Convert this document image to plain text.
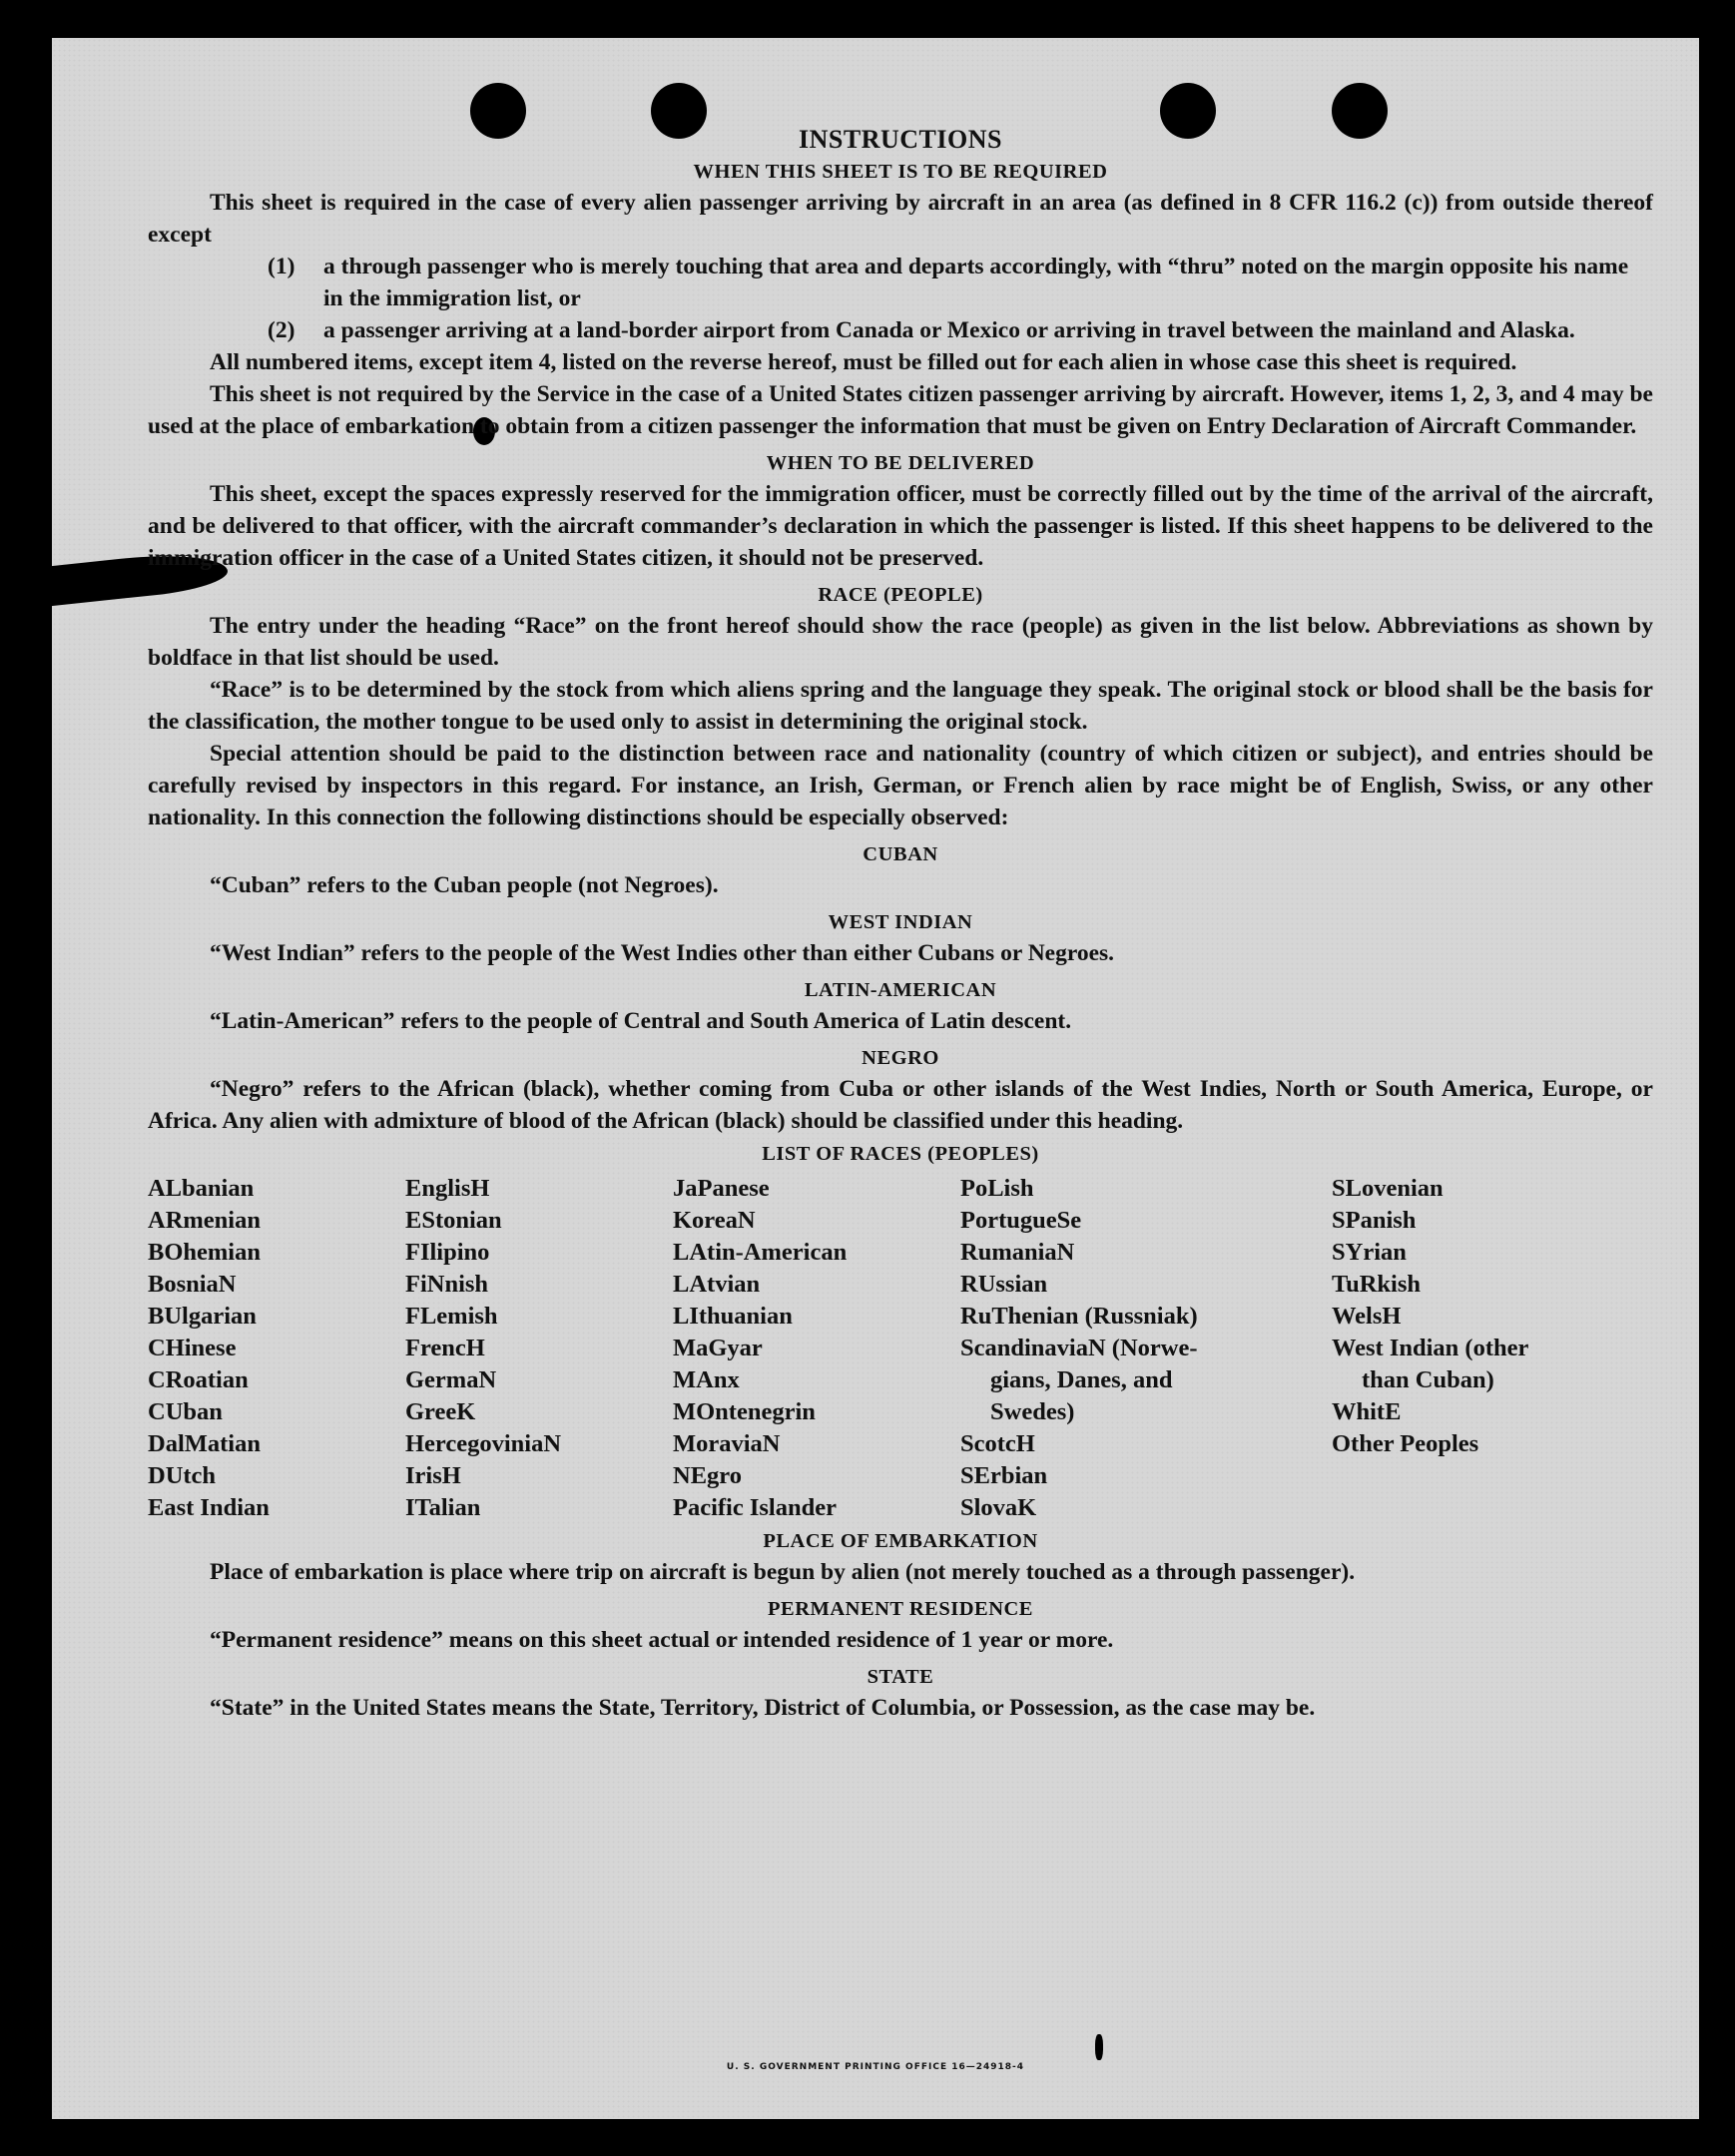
INSTRUCTIONS
WHEN THIS SHEET IS TO BE REQUIRED

This sheet is required in the case of every alien passenger arriving by aircraft in an area (as defined in 8 CFR 116.2 (c)) from outside thereof except

(1)	a through passenger who is merely touching that area and departs accordingly, with “thru” noted on the margin opposite his name in the immigration list, or
(2)	a passenger arriving at a land-border airport from Canada or Mexico or arriving in travel between the mainland and Alaska.

All numbered items, except item 4, listed on the reverse hereof, must be filled out for each alien in whose case this sheet is required.

This sheet is not required by the Service in the case of a United States citizen passenger arriving by aircraft. However, items 1, 2, 3, and 4 may be used at the place of embarkation to obtain from a citizen passenger the information that must be given on Entry Declaration of Aircraft Commander.

WHEN TO BE DELIVERED

This sheet, except the spaces expressly reserved for the immigration officer, must be correctly filled out by the time of the arrival of the aircraft, and be delivered to that officer, with the aircraft commander’s declaration in which the passenger is listed. If this sheet happens to be delivered to the immigration officer in the case of a United States citizen, it should not be preserved.

RACE (PEOPLE)

The entry under the heading “Race” on the front hereof should show the race (people) as given in the list below. Abbreviations as shown by boldface in that list should be used.

“Race” is to be determined by the stock from which aliens spring and the language they speak. The original stock or blood shall be the basis for the classification, the mother tongue to be used only to assist in determining the original stock.

Special attention should be paid to the distinction between race and nationality (country of which citizen or subject), and entries should be carefully revised by inspectors in this regard. For instance, an Irish, German, or French alien by race might be of English, Swiss, or any other nationality. In this connection the following distinctions should be especially observed:

CUBAN

“Cuban” refers to the Cuban people (not Negroes).

WEST INDIAN

“West Indian” refers to the people of the West Indies other than either Cubans or Negroes.

LATIN-AMERICAN

“Latin-American” refers to the people of Central and South America of Latin descent.

NEGRO

“Negro” refers to the African (black), whether coming from Cuba or other islands of the West Indies, North or South America, Europe, or Africa. Any alien with admixture of blood of the African (black) should be classified under this heading.

LIST OF RACES (PEOPLES)
ALbanian
ARmenian
BOhemian
BosniaN
BUlgarian
CHinese
CRoatian
CUban
DalMatian
DUtch
East Indian
EnglisH
EStonian
FIlipino
FiNnish
FLemish
FrencH
GermaN
GreeK
HercegoviniaN
IrisH
ITalian
JaPanese
KoreaN
LAtin-American
LAtvian
LIthuanian
MaGyar
MAnx
MOntenegrin
MoraviaN
NEgro
Pacific Islander
PoLish
PortugueSe
RumaniaN
RUssian
RuThenian (Russniak)
ScandinaviaN (Norwe-
gians, Danes, and
Swedes)
ScotcH
SErbian
SlovaK
SLovenian
SPanish
SYrian
TuRkish
WelsH
West Indian (other
than Cuban)
WhitE
Other Peoples
PLACE OF EMBARKATION

Place of embarkation is place where trip on aircraft is begun by alien (not merely touched as a through passenger).

PERMANENT RESIDENCE

“Permanent residence” means on this sheet actual or intended residence of 1 year or more.

STATE

“State” in the United States means the State, Territory, District of Columbia, or Possession, as the case may be.

U. S. GOVERNMENT PRINTING OFFICE 16—24918-4
